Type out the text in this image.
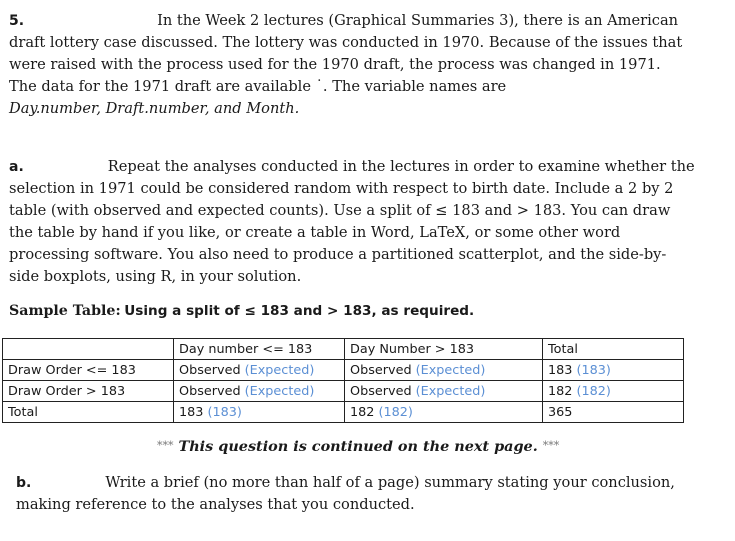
5.	In the Week 2 lectures (Graphical Summaries 3), there is an American
draft lottery case discussed. The lottery was conducted in 1970. Because of the issues that
were raised with the process used for the 1970 draft, the process was changed in 1971.
The data for the 1971 draft are available ˙. The variable names are
Day.number, Draft.number, and Month.
a.	Repeat the analyses conducted in the lectures in order to examine whether the
selection in 1971 could be considered random with respect to birth date. Include a 2 by 2
table (with observed and expected counts). Use a split of ≤ 183 and > 183. You can draw
the table by hand if you like, or create a table in Word, LaTeX, or some other word
processing software. You also need to produce a partitioned scatterplot, and the side-by-
side boxplots, using R, in your solution.
Sample Table: Using a split of ≤ 183 and > 183, as required.
	Day number <= 183	Day Number > 183	Total
Draw Order <= 183	Observed (Expected)	Observed (Expected)	183 (183)
Draw Order > 183	Observed (Expected)	Observed (Expected)	182 (182)
Total	183 (183)	182 (182)	365
*** This question is continued on the next page. ***
b.	Write a brief (no more than half of a page) summary stating your conclusion,
making reference to the analyses that you conducted.
